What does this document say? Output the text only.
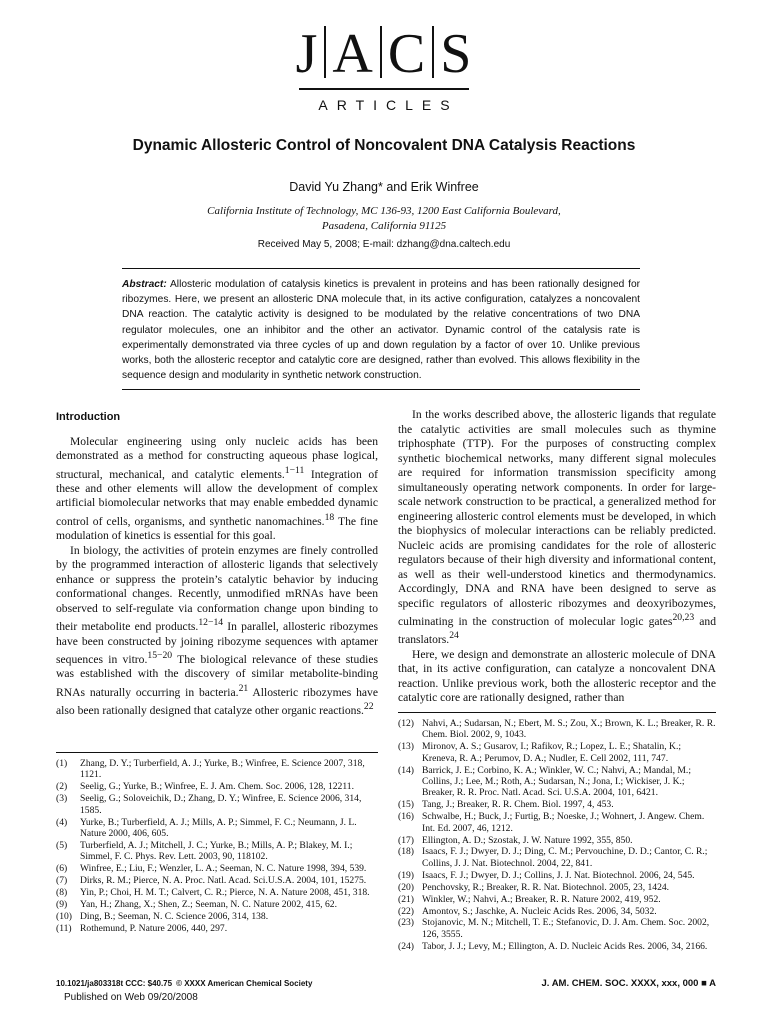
J A C S
ARTICLES
Dynamic Allosteric Control of Noncovalent DNA Catalysis Reactions
David Yu Zhang* and Erik Winfree
California Institute of Technology, MC 136-93, 1200 East California Boulevard,
Pasadena, California 91125
Received May 5, 2008; E-mail: dzhang@dna.caltech.edu
Abstract: Allosteric modulation of catalysis kinetics is prevalent in proteins and has been rationally designed for ribozymes. Here, we present an allosteric DNA molecule that, in its active configuration, catalyzes a noncovalent DNA reaction. The catalytic activity is designed to be modulated by the relative concentrations of two DNA regulator molecules, one an inhibitor and the other an activator. Dynamic control of the catalysis rate is experimentally demonstrated via three cycles of up and down regulation by a factor of over 10. Unlike previous works, both the allosteric receptor and catalytic core are designed, rather than evolved. This allows flexibility in the sequence design and modularity in synthetic network construction.
Introduction

Molecular engineering using only nucleic acids has been demonstrated as a method for constructing aqueous phase logical, structural, mechanical, and catalytic elements.$^{1-11}$ Integration of these and other elements will allow the development of complex artificial biomolecular networks that may enable embedded dynamic control of cells, organisms, and synthetic nanomachines.$^{18}$ The fine modulation of kinetics is essential for this goal.

In biology, the activities of protein enzymes are finely controlled by the programmed interaction of allosteric ligands that selectively enhance or suppress the protein’s catalytic behavior by inducing conformational changes. Recently, unmodified mRNAs have been observed to self-regulate via conformation change upon binding to their metabolite end products.$^{12-14}$ In parallel, allosteric ribozymes have been constructed by joining ribozyme sequences with aptamer sequences in vitro.$^{15-20}$ The biological relevance of these studies was established with the discovery of similar metabolite-binding RNAs naturally occurring in bacteria.$^{21}$ Allosteric ribozymes have also been rationally designed that catalyze other organic reactions.$^{22}$

In the works described above, the allosteric ligands that regulate the catalytic activities are small molecules such as thymine triphosphate (TTP). For the purposes of constructing complex synthetic biochemical networks, many different signal molecules are required for information transmission specificity among simultaneously operating network components. In order for large-scale network construction to be practical, a generalized method for engineering allosteric control elements must be developed, in which the biophysics of molecular interactions can be reliably predicted. Nucleic acids are promising candidates for the role of allosteric regulators because of their high diversity and informational content, as well as their well-understood kinetics and thermodynamics. Accordingly, DNA and RNA have been designed to serve as specific regulators of allosteric ribozymes and deoxyribozymes, culminating in the construction of molecular logic gates$^{20,23}$ and translators.$^{24}$

Here, we design and demonstrate an allosteric molecule of DNA that, in its active configuration, can catalyze a noncovalent DNA reaction. Unlike previous work, both the allosteric receptor and the catalytic core are rationally designed, rather than

(1)	Zhang, D. Y.; Turberfield, A. J.; Yurke, B.; Winfree, E. Science 2007, 318, 1121.
(2)	Seelig, G.; Yurke, B.; Winfree, E. J. Am. Chem. Soc. 2006, 128, 12211.
(3)	Seelig, G.; Soloveichik, D.; Zhang, D. Y.; Winfree, E. Science 2006, 314, 1585.
(4)	Yurke, B.; Turberfield, A. J.; Mills, A. P.; Simmel, F. C.; Neumann, J. L. Nature 2000, 406, 605.
(5)	Turberfield, A. J.; Mitchell, J. C.; Yurke, B.; Mills, A. P.; Blakey, M. I.; Simmel, F. C. Phys. Rev. Lett. 2003, 90, 118102.
(6)	Winfree, E.; Liu, F.; Wenzler, L. A.; Seeman, N. C. Nature 1998, 394, 539.
(7)	Dirks, R. M.; Pierce, N. A. Proc. Natl. Acad. Sci.U.S.A. 2004, 101, 15275.
(8)	Yin, P.; Choi, H. M. T.; Calvert, C. R.; Pierce, N. A. Nature 2008, 451, 318.
(9)	Yan, H.; Zhang, X.; Shen, Z.; Seeman, N. C. Nature 2002, 415, 62.
(10) Ding, B.; Seeman, N. C. Science 2006, 314, 138.
(11) Rothemund, P. Nature 2006, 440, 297.
(12) Nahvi, A.; Sudarsan, N.; Ebert, M. S.; Zou, X.; Brown, K. L.; Breaker, R. R. Chem. Biol. 2002, 9, 1043.
(13) Mironov, A. S.; Gusarov, I.; Rafikov, R.; Lopez, L. E.; Shatalin, K.; Kreneva, R. A.; Perumov, D. A.; Nudler, E. Cell 2002, 111, 747.
(14) Barrick, J. E.; Corbino, K. A.; Winkler, W. C.; Nahvi, A.; Mandal, M.; Collins, J.; Lee, M.; Roth, A.; Sudarsan, N.; Jona, I.; Wickiser, J. K.; Breaker, R. R. Proc. Natl. Acad. Sci. U.S.A. 2004, 101, 6421.
(15) Tang, J.; Breaker, R. R. Chem. Biol. 1997, 4, 453.
(16) Schwalbe, H.; Buck, J.; Furtig, B.; Noeske, J.; Wohnert, J. Angew. Chem. Int. Ed. 2007, 46, 1212.
(17) Ellington, A. D.; Szostak, J. W. Nature 1992, 355, 850.
(18) Isaacs, F. J.; Dwyer, D. J.; Ding, C. M.; Pervouchine, D. D.; Cantor, C. R.; Collins, J. J. Nat. Biotechnol. 2004, 22, 841.
(19) Isaacs, F. J.; Dwyer, D. J.; Collins, J. J. Nat. Biotechnol. 2006, 24, 545.
(20) Penchovsky, R.; Breaker, R. R. Nat. Biotechnol. 2005, 23, 1424.
(21) Winkler, W.; Nahvi, A.; Breaker, R. R. Nature 2002, 419, 952.
(22) Amontov, S.; Jaschke, A. Nucleic Acids Res. 2006, 34, 5032.
(23) Stojanovic, M. N.; Mitchell, T. E.; Stefanovic, D. J. Am. Chem. Soc. 2002, 126, 3555.
(24) Tabor, J. J.; Levy, M.; Ellington, A. D. Nucleic Acids Res. 2006, 34, 2166.
10.1021/ja803318t CCC: $40.75 © XXXX American Chemical Society	J. AM. CHEM. SOC. XXXX, xxx, 000 ■ A
Published on Web 09/20/2008
